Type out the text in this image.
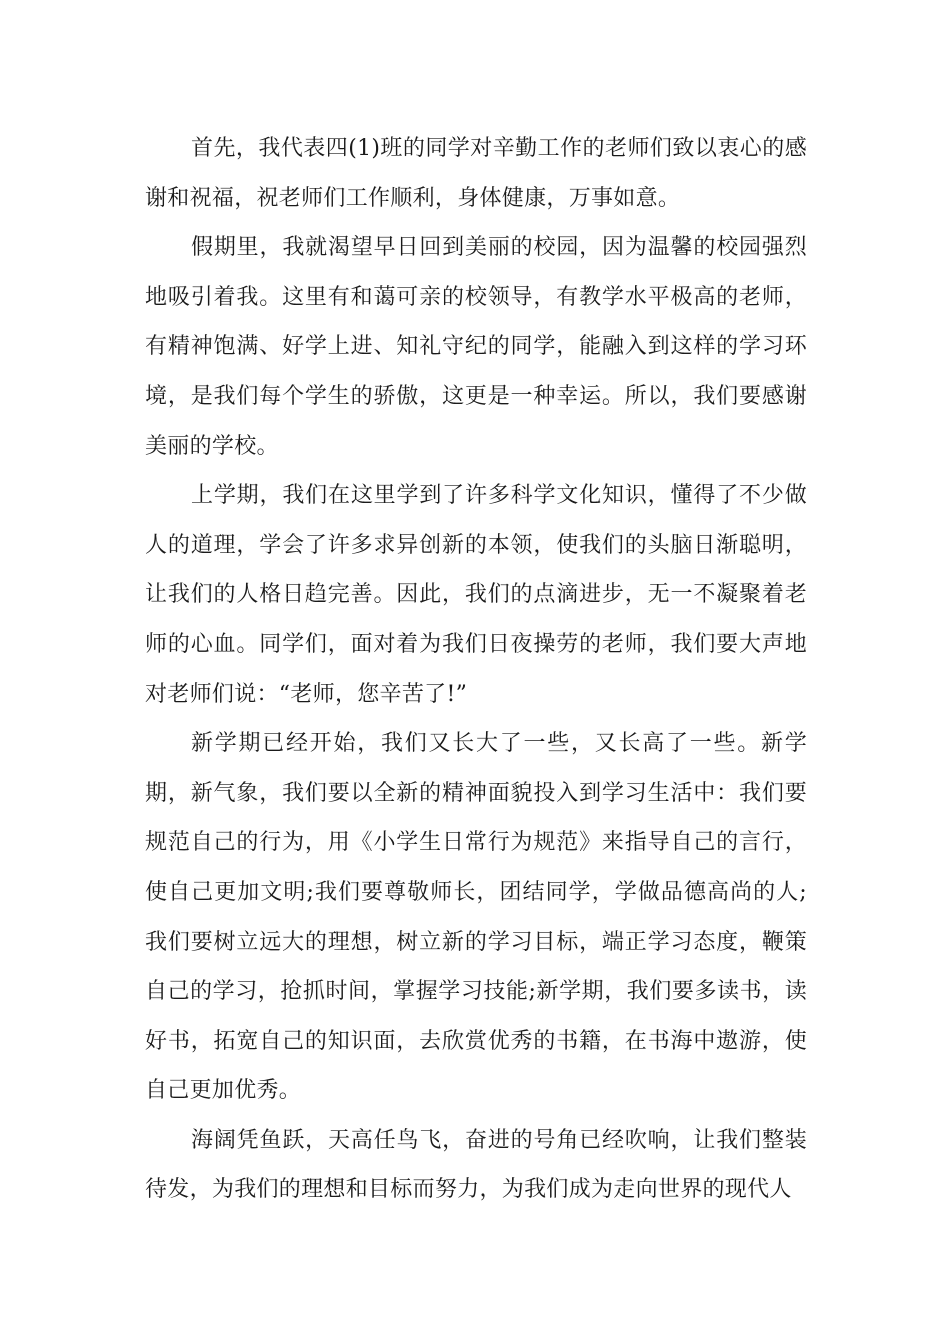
首先，我代表四(1)班的同学对辛勤工作的老师们致以衷心的感谢和祝福，祝老师们工作顺利，身体健康，万事如意。

假期里，我就渴望早日回到美丽的校园，因为温馨的校园强烈地吸引着我。这里有和蔼可亲的校领导，有教学水平极高的老师，有精神饱满、好学上进、知礼守纪的同学，能融入到这样的学习环境，是我们每个学生的骄傲，这更是一种幸运。所以，我们要感谢美丽的学校。

上学期，我们在这里学到了许多科学文化知识，懂得了不少做人的道理，学会了许多求异创新的本领，使我们的头脑日渐聪明，让我们的人格日趋完善。因此，我们的点滴进步，无一不凝聚着老师的心血。同学们，面对着为我们日夜操劳的老师，我们要大声地对老师们说：“老师，您辛苦了!”

新学期已经开始，我们又长大了一些，又长高了一些。新学期，新气象，我们要以全新的精神面貌投入到学习生活中：我们要规范自己的行为，用《小学生日常行为规范》来指导自己的言行，使自己更加文明;我们要尊敬师长，团结同学，学做品德高尚的人;我们要树立远大的理想，树立新的学习目标，端正学习态度，鞭策自己的学习，抢抓时间，掌握学习技能;新学期，我们要多读书，读好书，拓宽自己的知识面，去欣赏优秀的书籍，在书海中遨游，使自己更加优秀。

海阔凭鱼跃，天高任鸟飞，奋进的号角已经吹响，让我们整装待发，为我们的理想和目标而努力，为我们成为走向世界的现代人
